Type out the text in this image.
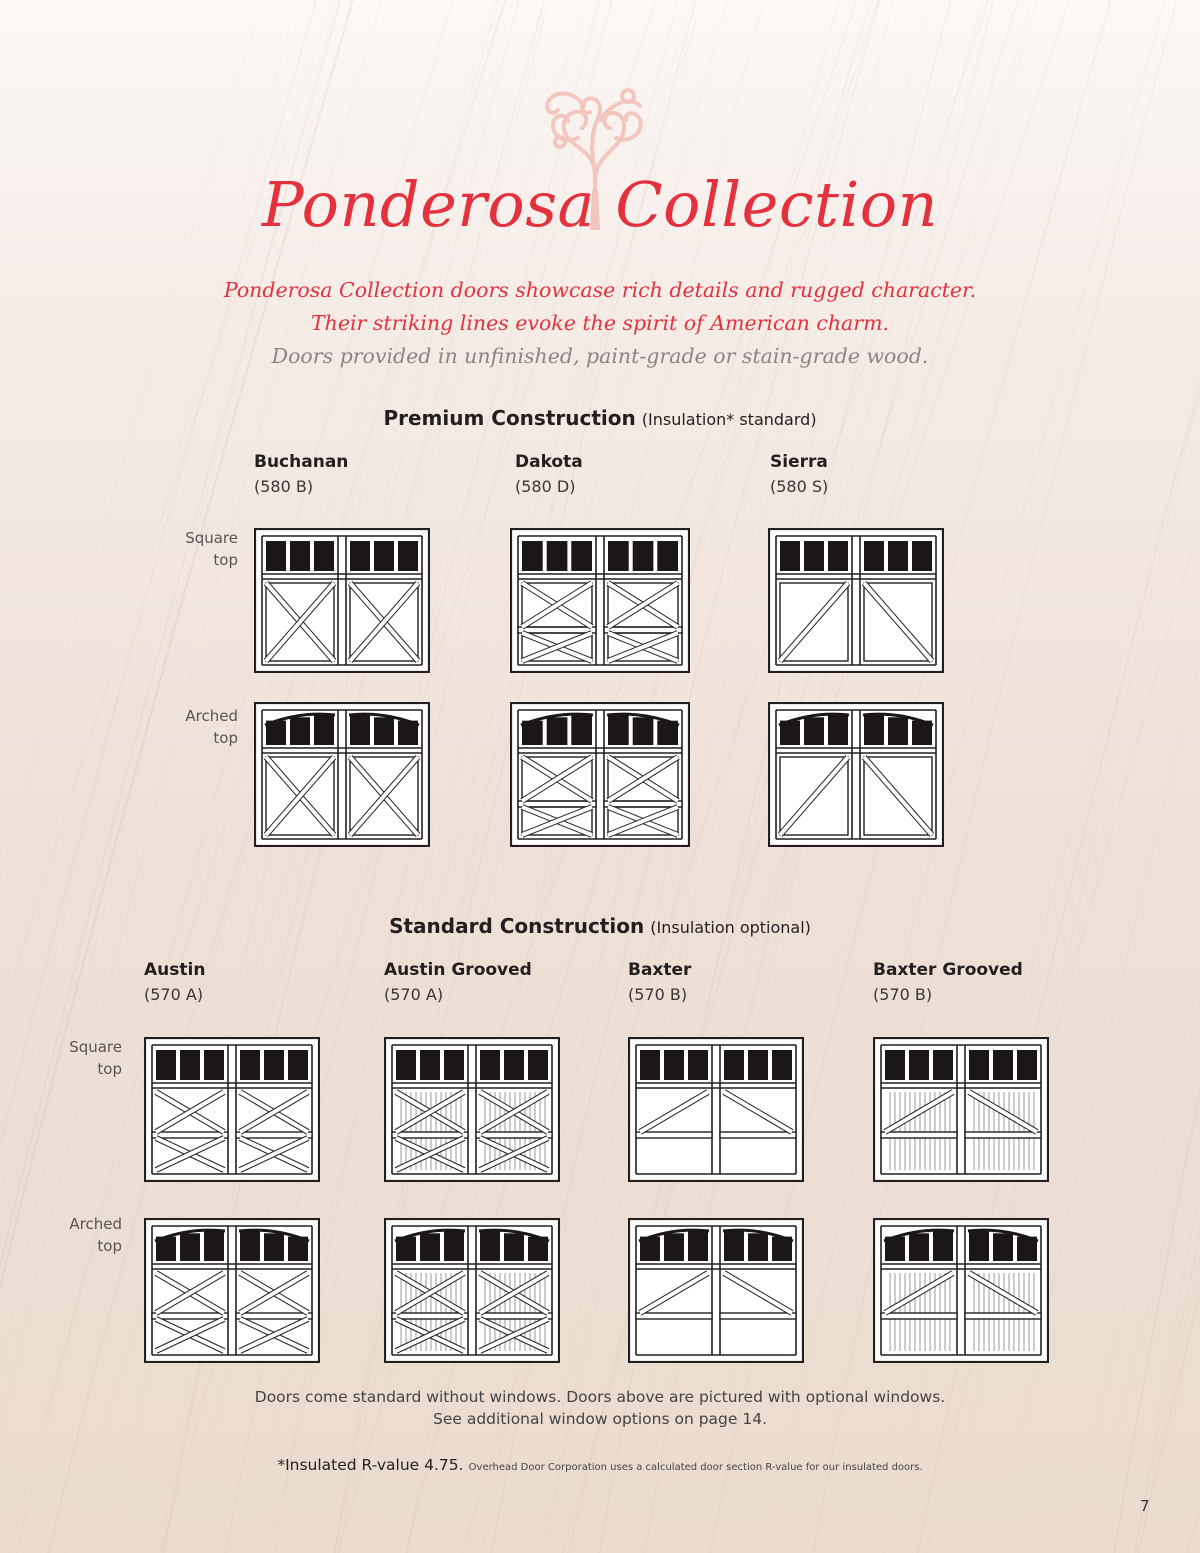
Ponderosa Collection
Ponderosa Collection doors showcase rich details and rugged character.
Their striking lines evoke the spirit of American charm.
Doors provided in unfinished, paint-grade or stain-grade wood.
Premium Construction (Insulation* standard)
Buchanan
(580 B)
Dakota
(580 D)
Sierra
(580 S)
Square
top
Arched
top
Standard Construction (Insulation optional)
Austin
(570 A)
Austin Grooved
(570 A)
Baxter
(570 B)
Baxter Grooved
(570 B)
Square
top
Arched
top
Doors come standard without windows. Doors above are pictured with optional windows.
See additional window options on page 14.
*Insulated R-value 4.75. Overhead Door Corporation uses a calculated door section R-value for our insulated doors.
7
